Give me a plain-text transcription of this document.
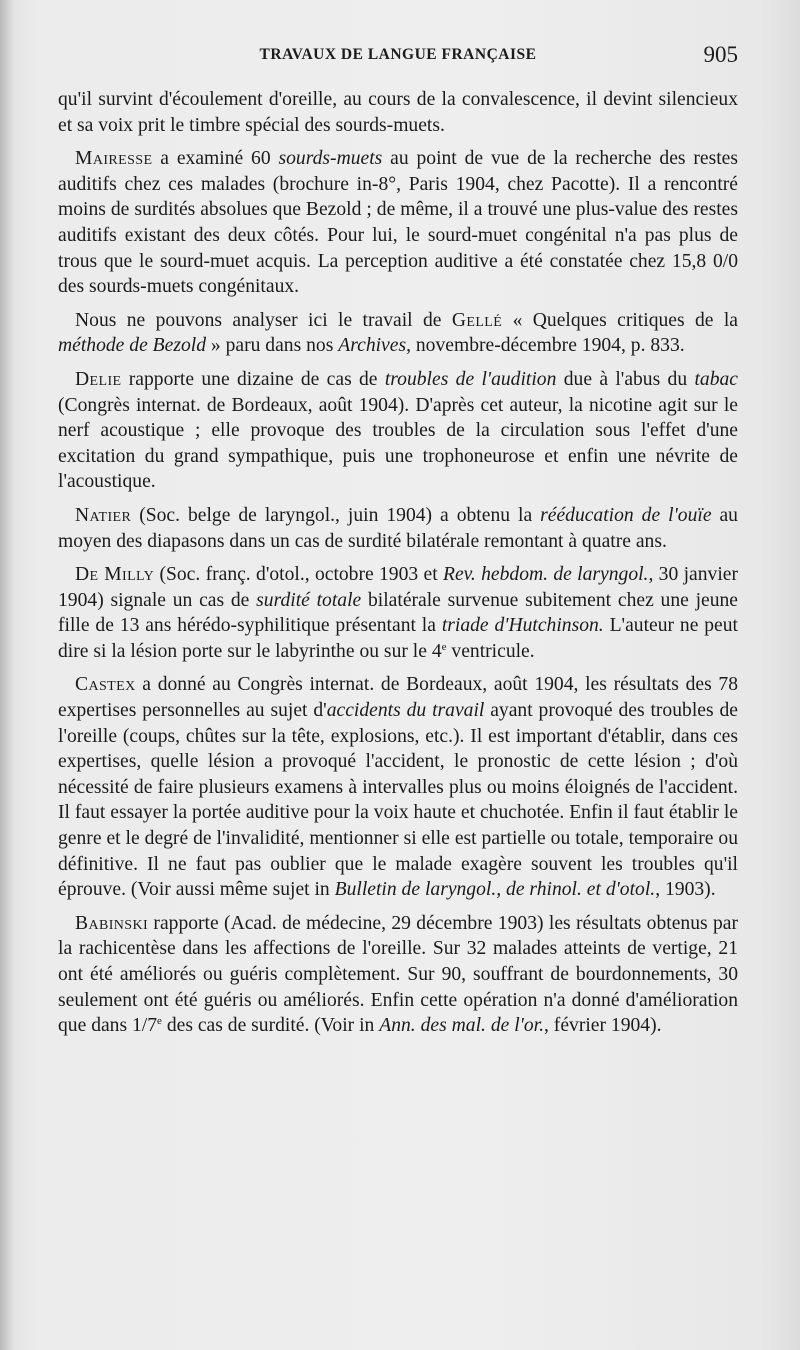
TRAVAUX DE LANGUE FRANÇAISE	905

qu'il survint d'écoulement d'oreille, au cours de la convalescence, il devint silencieux et sa voix prit le timbre spécial des sourds-muets.

Mairesse a examiné 60 sourds-muets au point de vue de la recherche des restes auditifs chez ces malades (brochure in-8°, Paris 1904, chez Pacotte). Il a rencontré moins de surdités absolues que Bezold ; de même, il a trouvé une plus-value des restes auditifs existant des deux côtés. Pour lui, le sourd-muet congénital n'a pas plus de trous que le sourd-muet acquis. La perception auditive a été constatée chez 15,8 0/0 des sourds-muets congénitaux.

Nous ne pouvons analyser ici le travail de Gellé « Quelques critiques de la méthode de Bezold » paru dans nos Archives, novembre-décembre 1904, p. 833.

Delie rapporte une dizaine de cas de troubles de l'audition due à l'abus du tabac (Congrès internat. de Bordeaux, août 1904). D'après cet auteur, la nicotine agit sur le nerf acoustique ; elle provoque des troubles de la circulation sous l'effet d'une excitation du grand sympathique, puis une trophoneurose et enfin une névrite de l'acoustique.

Natier (Soc. belge de laryngol., juin 1904) a obtenu la rééducation de l'ouïe au moyen des diapasons dans un cas de surdité bilatérale remontant à quatre ans.

De Milly (Soc. franç. d'otol., octobre 1903 et Rev. hebdom. de laryngol., 30 janvier 1904) signale un cas de surdité totale bilatérale survenue subitement chez une jeune fille de 13 ans hérédo-syphilitique présentant la triade d'Hutchinson. L'auteur ne peut dire si la lésion porte sur le labyrinthe ou sur le 4e ventricule.

Castex a donné au Congrès internat. de Bordeaux, août 1904, les résultats des 78 expertises personnelles au sujet d'accidents du travail ayant provoqué des troubles de l'oreille (coups, chûtes sur la tête, explosions, etc.). Il est important d'établir, dans ces expertises, quelle lésion a provoqué l'accident, le pronostic de cette lésion ; d'où nécessité de faire plusieurs examens à intervalles plus ou moins éloignés de l'accident. Il faut essayer la portée auditive pour la voix haute et chuchotée. Enfin il faut établir le genre et le degré de l'invalidité, mentionner si elle est partielle ou totale, temporaire ou définitive. Il ne faut pas oublier que le malade exagère souvent les troubles qu'il éprouve. (Voir aussi même sujet in Bulletin de laryngol., de rhinol. et d'otol., 1903).

Babinski rapporte (Acad. de médecine, 29 décembre 1903) les résultats obtenus par la rachicentèse dans les affections de l'oreille. Sur 32 malades atteints de vertige, 21 ont été améliorés ou guéris complètement. Sur 90, souffrant de bourdonnements, 30 seulement ont été guéris ou améliorés. Enfin cette opération n'a donné d'amélioration que dans 1/7e des cas de surdité. (Voir in Ann. des mal. de l'or., février 1904).
